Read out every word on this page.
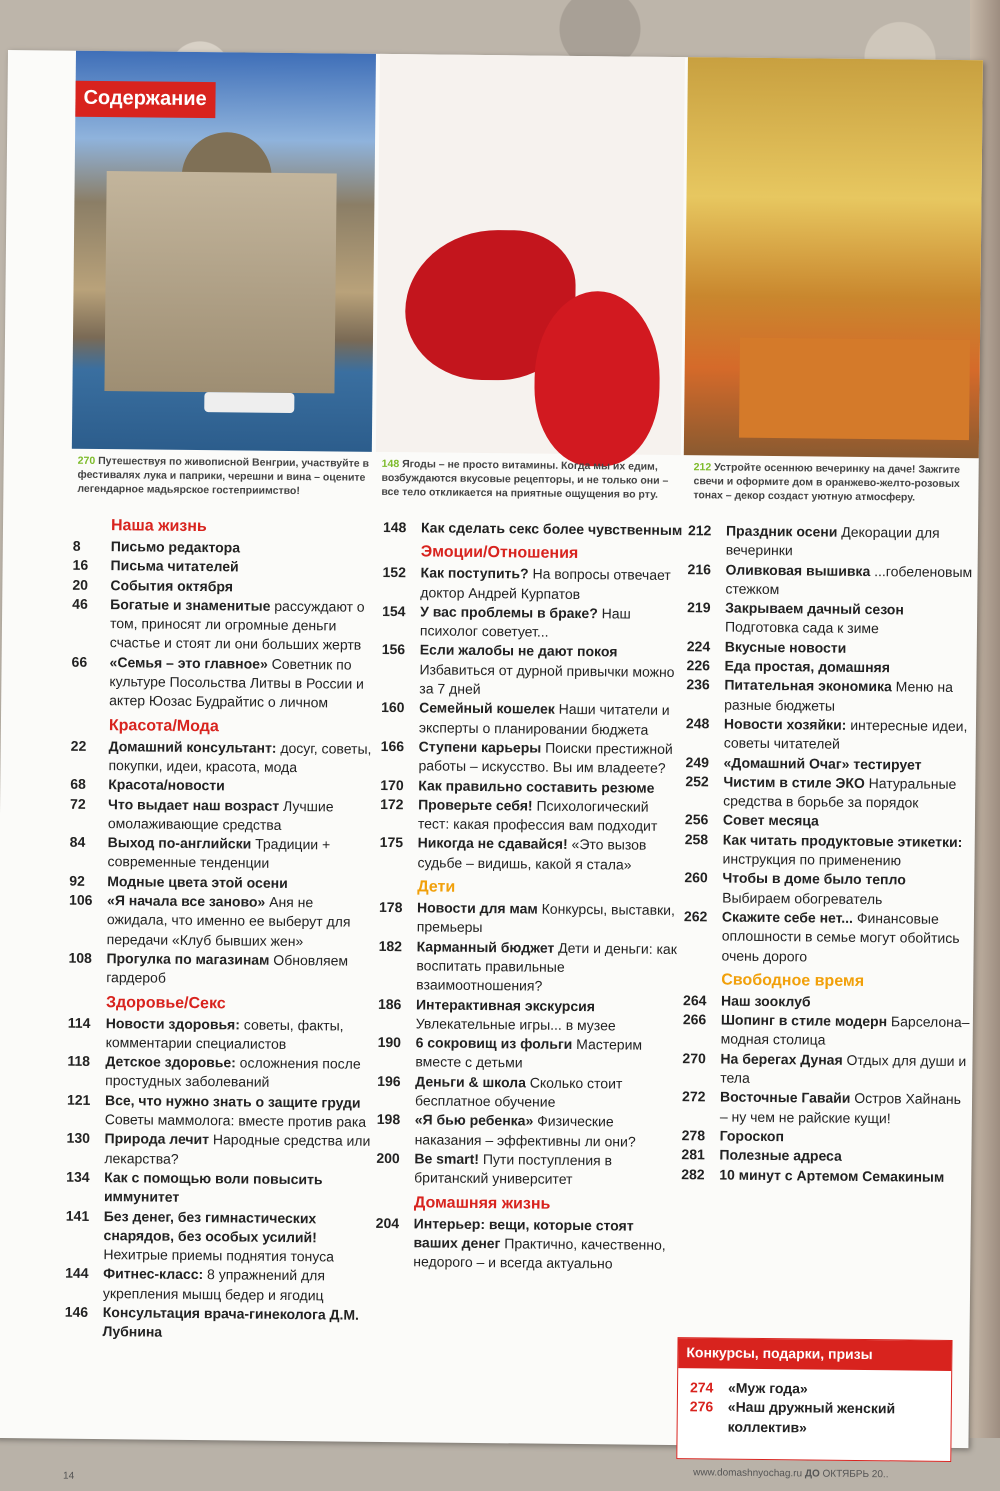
Содержание
270 Путешествуя по живописной Венгрии, участвуйте в фестивалях лука и паприки, черешни и вина – оцените легендарное мадьярское гостеприимство!
148 Ягоды – не просто витамины. Когда мы их едим, возбуждаются вкусовые рецепторы, и не только они – все тело откликается на приятные ощущения во рту.
212 Устройте осеннюю вечеринку на даче! Зажгите свечи и оформите дом в оранжево-желто-розовых тонах – декор создаст уютную атмосферу.
Наша жизнь
8	Письмо редактора
16	Письма читателей
20	События октября
46	Богатые и знаменитые рассуждают о том, приносят ли огромные деньги счастье и стоят ли они больших жертв
66	«Семья – это главное» Советник по культуре Посольства Литвы в России и актер Юозас Будрайтис о личном
Красота/Мода
22	Домашний консультант: досуг, советы, покупки, идеи, красота, мода
68	Красота/новости
72	Что выдает наш возраст Лучшие омолаживающие средства
84	Выход по-английски Традиции + современные тенденции
92	Модные цвета этой осени
106	«Я начала все заново» Аня не ожидала, что именно ее выберут для передачи «Клуб бывших жен»
108	Прогулка по магазинам Обновляем гардероб
Здоровье/Секс
114	Новости здоровья: советы, факты, комментарии специалистов
118	Детское здоровье: осложнения после простудных заболеваний
121	Все, что нужно знать о защите груди Советы маммолога: вместе против рака
130	Природа лечит Народные средства или лекарства?
134	Как с помощью воли повысить иммунитет
141	Без денег, без гимнастических снарядов, без особых усилий! Нехитрые приемы поднятия тонуса
144	Фитнес-класс: 8 упражнений для укрепления мышц бедер и ягодиц
146	Консультация врача-гинеколога Д.М. Лубнина
148	Как сделать секс более чувственным
Эмоции/Отношения
152	Как поступить? На вопросы отвечает доктор Андрей Курпатов
154	У вас проблемы в браке? Наш психолог советует...
156	Если жалобы не дают покоя Избавиться от дурной привычки можно за 7 дней
160	Семейный кошелек Наши читатели и эксперты о планировании бюджета
166	Ступени карьеры Поиски престижной работы – искусство. Вы им владеете?
170	Как правильно составить резюме
172	Проверьте себя! Психологический тест: какая профессия вам подходит
175	Никогда не сдавайся! «Это вызов судьбе – видишь, какой я стала»
Дети
178	Новости для мам Конкурсы, выставки, премьеры
182	Карманный бюджет Дети и деньги: как воспитать правильные взаимоотношения?
186	Интерактивная экскурсия Увлекательные игры... в музее
190	6 сокровищ из фольги Мастерим вместе с детьми
196	Деньги & школа Сколько стоит бесплатное обучение
198	«Я бью ребенка» Физические наказания – эффективны ли они?
200	Be smart! Пути поступления в британский университет
Домашняя жизнь
204	Интерьер: вещи, которые стоят ваших денег Практично, качественно, недорого – и всегда актуально
212	Праздник осени Декорации для вечеринки
216	Оливковая вышивка ...гобеленовым стежком
219	Закрываем дачный сезон Подготовка сада к зиме
224	Вкусные новости
226	Еда простая, домашняя
236	Питательная экономика Меню на разные бюджеты
248	Новости хозяйки: интересные идеи, советы читателей
249	«Домашний Очаг» тестирует
252	Чистим в стиле ЭКО Натуральные средства в борьбе за порядок
256	Совет месяца
258	Как читать продуктовые этикетки: инструкция по применению
260	Чтобы в доме было тепло Выбираем обогреватель
262	Скажите себе нет... Финансовые оплошности в семье могут обойтись очень дорого
Свободное время
264	Наш зооклуб
266	Шопинг в стиле модерн Барселона– модная столица
270	На берегах Дуная Отдых для души и тела
272	Восточные Гавайи Остров Хайнань – ну чем не райские кущи!
278	Гороскоп
281	Полезные адреса
282	10 минут с Артемом Семакиным
Конкурсы, подарки, призы
274	«Муж года»
276	«Наш дружный женский коллектив»
14	www.domashnyochag.ru ДО ОКТЯБРЬ 20..
